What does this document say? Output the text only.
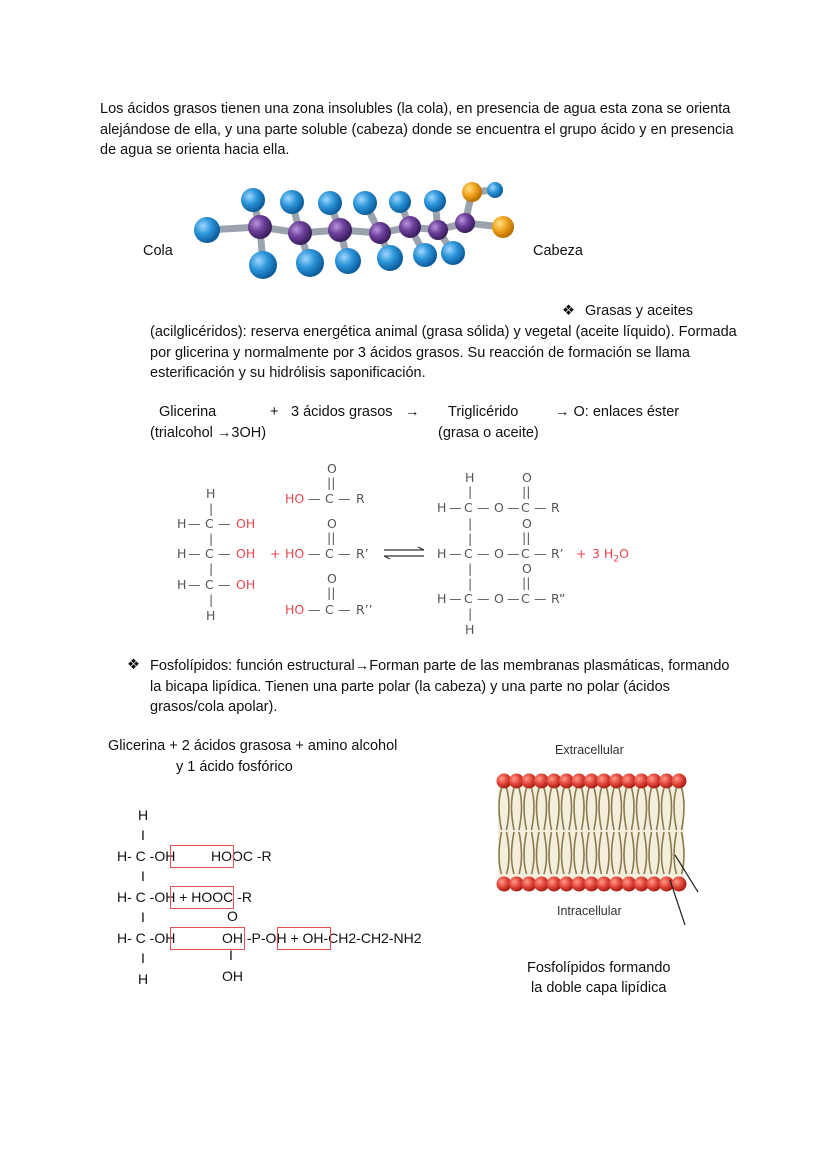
Los ácidos grasos tienen una zona insolubles (la cola), en presencia de agua esta zona se orienta alejándose de ella, y una parte soluble (cabeza) donde se encuentra el grupo ácido y en presencia de agua se orienta hacia ella.
Cola	Cabeza
❖ Grasas y aceites
(acilglicéridos): reserva energética animal (grasa sólida) y vegetal (aceite líquido). Formada por glicerina y normalmente por 3 ácidos grasos. Su reacción de formación se llama esterificación y su hidrólisis saponificación.
Glicerina	+ 3 ácidos grasos → Triglicérido	→ O: enlaces éster
(trialcohol →3OH)	(grasa o aceite)
H
|
H — C — OH
|
H — C — OH
|
H — C — OH
|
H
+
O
||
HO — C — R
O
||
HO — C — R’
O
||
HO — C — R’’
H
|
O
||
H — C — O — C — R
|	O
|	||
H — C — O — C — R’
|	O
|	||
H — C — O — C — R”
|
H
+ 3 $H_2O$
❖ Fosfolípidos: función estructural→Forman parte de las membranas plasmáticas, formando la bicapa lipídica. Tienen una parte polar (la cabeza) y una parte no polar (ácidos grasos/cola apolar).
Glicerina + 2 ácidos grasosa + amino alcohol
y 1 ácido fosfórico
H
I
H- C -OH	HOOC -R
I
H- C -OH + HOOC -R
I	O
H- C -OH	OH -P-OH + OH-CH2-CH2-NH2
I	I
OH
H
Extracellular
Intracellular
Fosfolípidos formando
la doble capa lipídica
